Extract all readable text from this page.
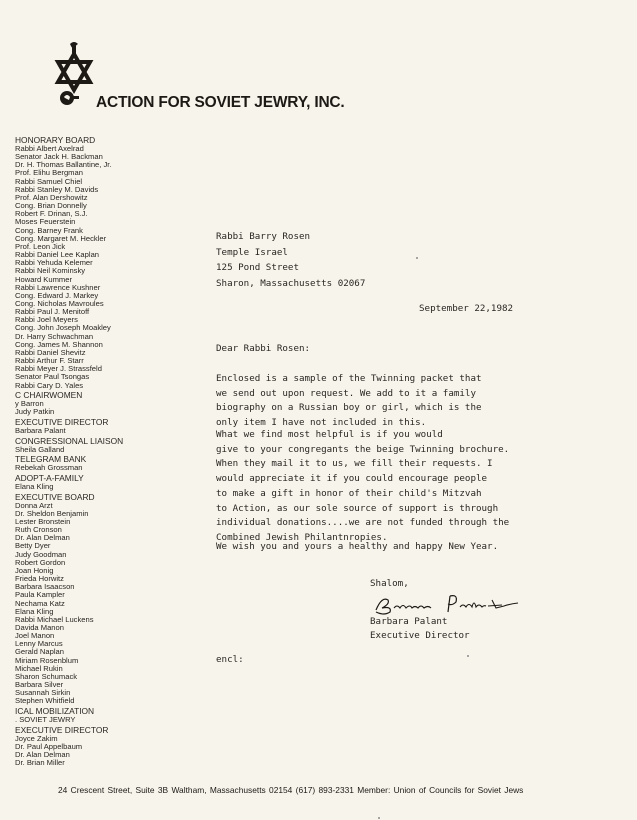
ACTION FOR SOVIET JEWRY, INC.
HONORARY BOARD
Rabbi Albert Axelrad
Senator Jack H. Backman
Dr. H. Thomas Ballantine, Jr.
Prof. Elihu Bergman
Rabbi Samuel Chiel
Rabbi Stanley M. Davids
Prof. Alan Dershowitz
Cong. Brian Donnelly
Robert F. Drinan, S.J.
Moses Feuerstein
Cong. Barney Frank
Cong. Margaret M. Heckler
Prof. Leon Jick
Rabbi Daniel Lee Kaplan
Rabbi Yehuda Kelemer
Rabbi Neil Kominsky
Howard Kummer
Rabbi Lawrence Kushner
Cong. Edward J. Markey
Cong. Nicholas Mavroules
Rabbi Paul J. Menitoff
Rabbi Joel Meyers
Cong. John Joseph Moakley
Dr. Harry Schwachman
Cong. James M. Shannon
Rabbi Daniel Shevitz
Rabbi Arthur F. Starr
Rabbi Meyer J. Strassfeld
Senator Paul Tsongas
Rabbi Cary D. Yales
C CHAIRWOMEN
y Barron
Judy Patkin
EXECUTIVE DIRECTOR
Barbara Palant
CONGRESSIONAL LIAISON
Sheila Galland
TELEGRAM BANK
Rebekah Grossman
ADOPT-A-FAMILY
Elana Kling
EXECUTIVE BOARD
Donna Arzt
Dr. Sheldon Benjamin
Lester Bronstein
Ruth Cronson
Dr. Alan Delman
Betty Dyer
Judy Goodman
Robert Gordon
Joan Honig
Frieda Horwitz
Barbara Isaacson
Paula Kampler
Nechama Katz
Elana Kling
Rabbi Michael Luckens
Davida Manon
Joel Manon
Lenny Marcus
Gerald Naplan
Miriam Rosenblum
Michael Rukin
Sharon Schumack
Barbara Silver
Susannah Sirkin
Stephen Whitfield
ICAL MOBILIZATION
. SOVIET JEWRY
EXECUTIVE DIRECTOR
Joyce Zakim
Dr. Paul Appelbaum
Dr. Alan Delman
Dr. Brian Miller
Rabbi Barry Rosen
Temple Israel
125 Pond Street
Sharon, Massachusetts 02067
September 22,1982
Dear Rabbi Rosen:
Enclosed is a sample of the Twinning packet that
we send out upon request. We add to it a family
biography on a Russian boy or girl, which is the
only item I have not included in this.
What we find most helpful is if you would
give to your congregants the beige Twinning brochure.
When they mail it to us, we fill their requests. I
would appreciate it if you could encourage people
to make a gift in honor of their child's Mitzvah
to Action, as our sole source of support is through
individual donations....we are not funded through the
Combined Jewish Philantnropies.
We wish you and yours a healthy and happy New Year.
Shalom,
Barbara Palant
Executive Director
encl:
24 Crescent Street, Suite 3B Waltham, Massachusetts 02154 (617) 893-2331 Member: Union of Councils for Soviet Jews
